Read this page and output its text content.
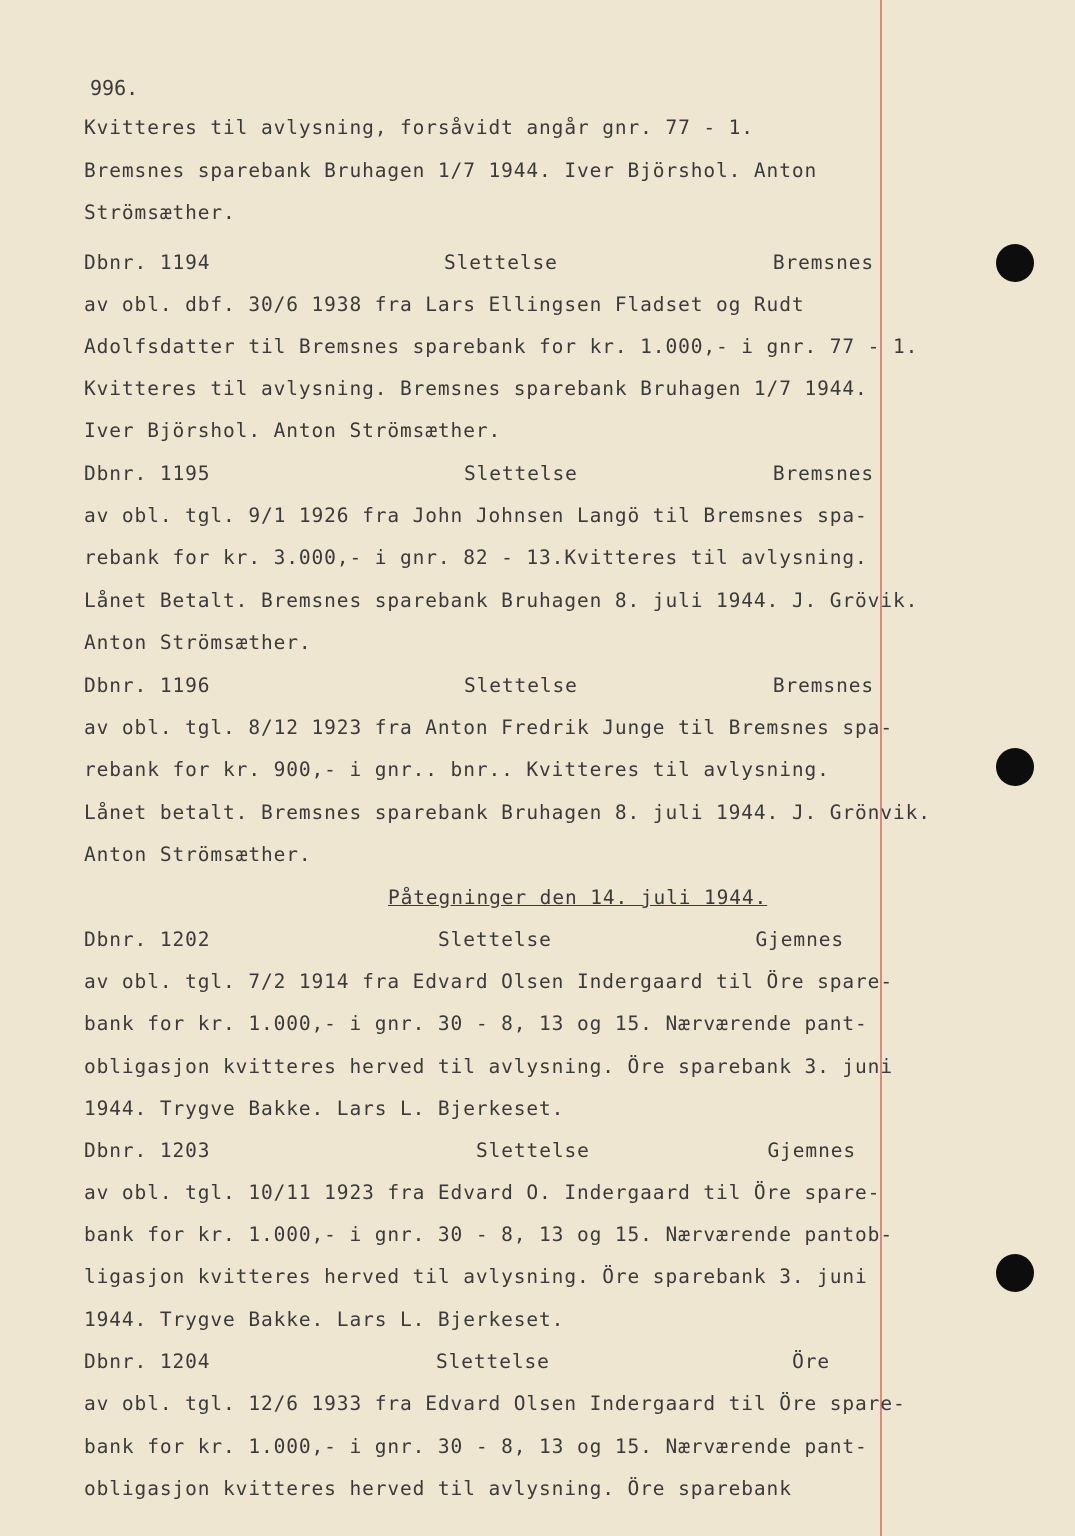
996.

Kvitteres til avlysning, forsåvidt angår gnr. 77 - 1.

Bremsnes sparebank Bruhagen 1/7 1944. Iver Björshol. Anton

Strömsæther.

Dbnr. 1194	Slettelse	Bremsnes

av obl. dbf. 30/6 1938 fra Lars Ellingsen Fladset og Rudt

Adolfsdatter til Bremsnes sparebank for kr. 1.000,- i gnr. 77 - 1.

Kvitteres til avlysning. Bremsnes sparebank Bruhagen 1/7 1944.

Iver Björshol. Anton Strömsæther.

Dbnr. 1195	Slettelse	Bremsnes

av obl. tgl. 9/1 1926 fra John Johnsen Langö til Bremsnes spa-

rebank for kr. 3.000,- i gnr. 82 - 13.Kvitteres til avlysning.

Lånet Betalt. Bremsnes sparebank Bruhagen 8. juli 1944. J. Grövik.

Anton Strömsæther.

Dbnr. 1196	Slettelse	Bremsnes

av obl. tgl. 8/12 1923 fra Anton Fredrik Junge til Bremsnes spa-

rebank for kr. 900,- i gnr.. bnr.. Kvitteres til avlysning.

Lånet betalt. Bremsnes sparebank Bruhagen 8. juli 1944. J. Grönvik.

Anton Strömsæther.

Påtegninger den 14. juli 1944.

Dbnr. 1202	Slettelse	Gjemnes

av obl. tgl. 7/2 1914 fra Edvard Olsen Indergaard til Öre spare-

bank for kr. 1.000,- i gnr. 30 - 8, 13 og 15. Nærværende pant-

obligasjon kvitteres herved til avlysning. Öre sparebank 3. juni

1944. Trygve Bakke. Lars L. Bjerkeset.

Dbnr. 1203	Slettelse	Gjemnes

av obl. tgl. 10/11 1923 fra Edvard O. Indergaard til Öre spare-

bank for kr. 1.000,- i gnr. 30 - 8, 13 og 15. Nærværende pantob-

ligasjon kvitteres herved til avlysning. Öre sparebank 3. juni

1944. Trygve Bakke. Lars L. Bjerkeset.

Dbnr. 1204	Slettelse	Öre

av obl. tgl. 12/6 1933 fra Edvard Olsen Indergaard til Öre spare-

bank for kr. 1.000,- i gnr. 30 - 8, 13 og 15. Nærværende pant-

obligasjon kvitteres herved til avlysning. Öre sparebank
